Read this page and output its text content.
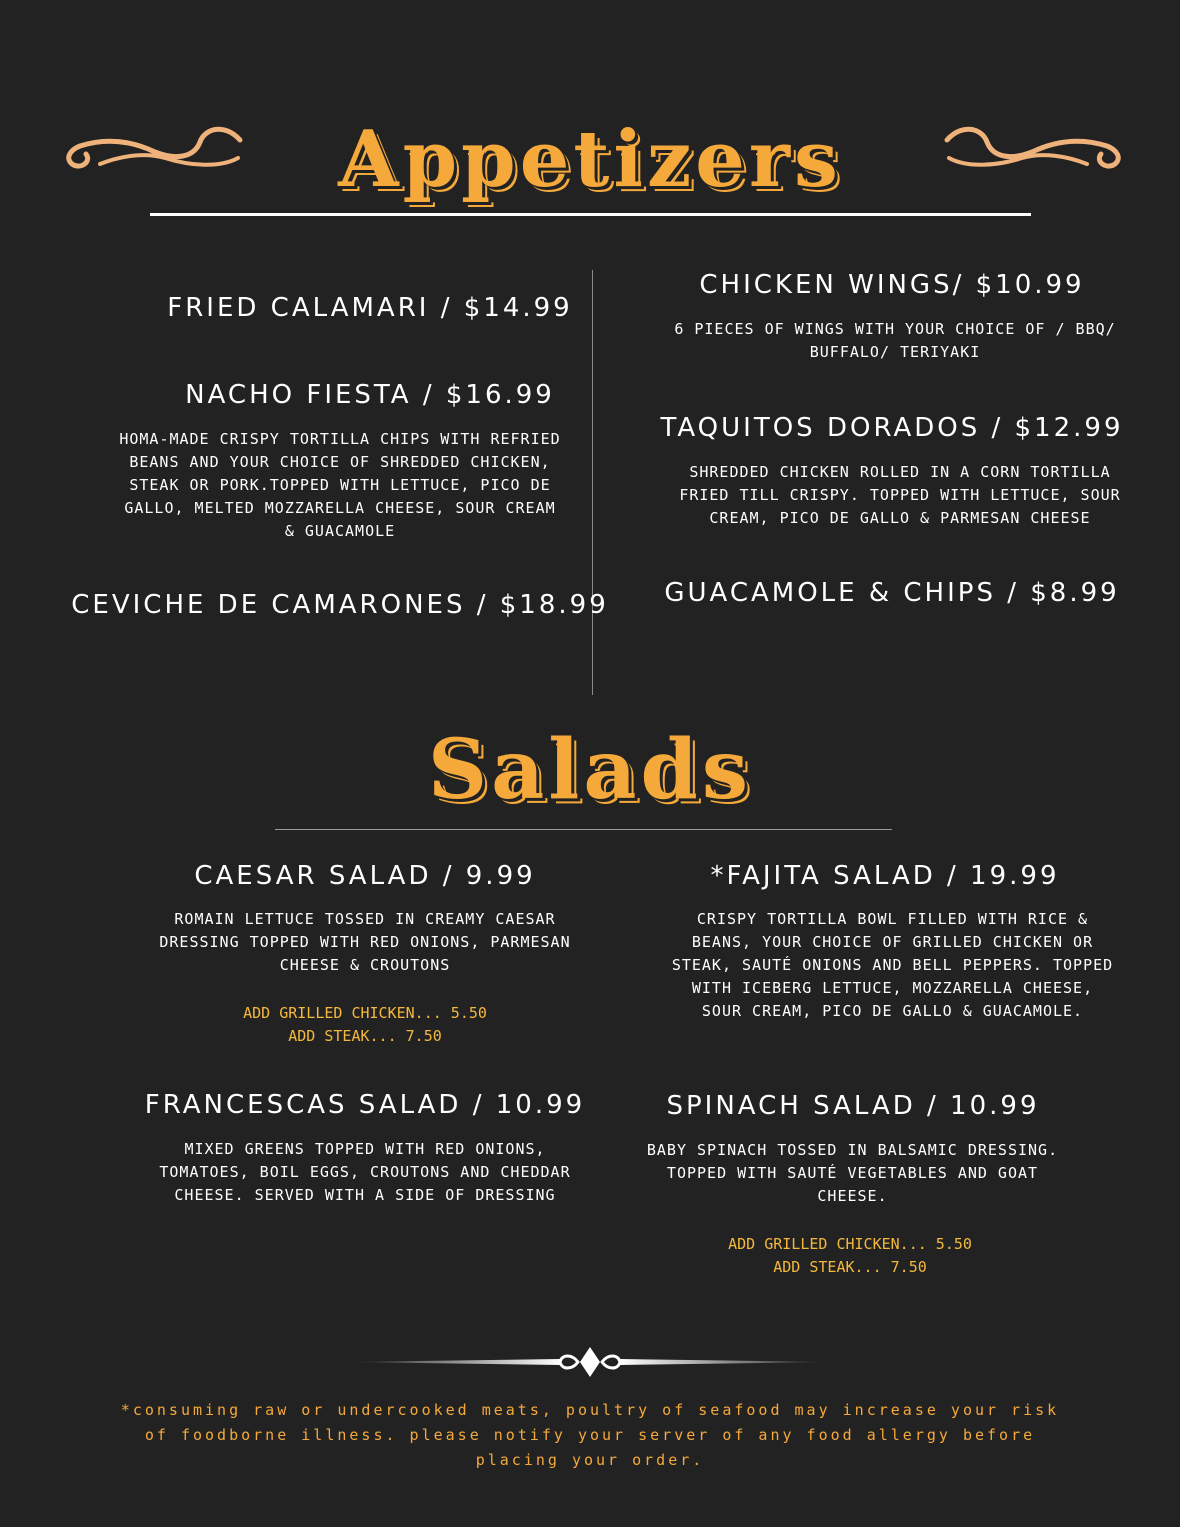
Appetizers
FRIED CALAMARI / $14.99
NACHO FIESTA / $16.99
HOMA-MADE CRISPY TORTILLA CHIPS WITH REFRIED BEANS AND YOUR CHOICE OF SHREDDED CHICKEN, STEAK OR PORK.TOPPED WITH LETTUCE, PICO DE GALLO, MELTED MOZZARELLA CHEESE, SOUR CREAM & GUACAMOLE
CEVICHE DE CAMARONES / $18.99
CHICKEN WINGS/ $10.99
6 PIECES OF WINGS WITH YOUR CHOICE OF / BBQ/ BUFFALO/ TERIYAKI
TAQUITOS DORADOS / $12.99
SHREDDED CHICKEN ROLLED IN A CORN TORTILLA FRIED TILL CRISPY. TOPPED WITH LETTUCE, SOUR CREAM, PICO DE GALLO & PARMESAN CHEESE
GUACAMOLE & CHIPS / $8.99
Salads
CAESAR SALAD / 9.99
ROMAIN LETTUCE TOSSED IN CREAMY CAESAR DRESSING TOPPED WITH RED ONIONS, PARMESAN CHEESE & CROUTONS
ADD GRILLED CHICKEN... 5.50
ADD STEAK... 7.50
FRANCESCAS SALAD / 10.99
MIXED GREENS TOPPED WITH RED ONIONS, TOMATOES, BOIL EGGS, CROUTONS AND CHEDDAR CHEESE. SERVED WITH A SIDE OF DRESSING
*FAJITA SALAD / 19.99
CRISPY TORTILLA BOWL FILLED WITH RICE & BEANS, YOUR CHOICE OF GRILLED CHICKEN OR STEAK, SAUTÉ ONIONS AND BELL PEPPERS. TOPPED WITH ICEBERG LETTUCE, MOZZARELLA CHEESE, SOUR CREAM, PICO DE GALLO & GUACAMOLE.
SPINACH SALAD / 10.99
BABY SPINACH TOSSED IN BALSAMIC DRESSING. TOPPED WITH SAUTÉ VEGETABLES AND GOAT CHEESE.
ADD GRILLED CHICKEN... 5.50
ADD STEAK... 7.50
*consuming raw or undercooked meats, poultry of seafood may increase your risk of foodborne illness. please notify your server of any food allergy before placing your order.
